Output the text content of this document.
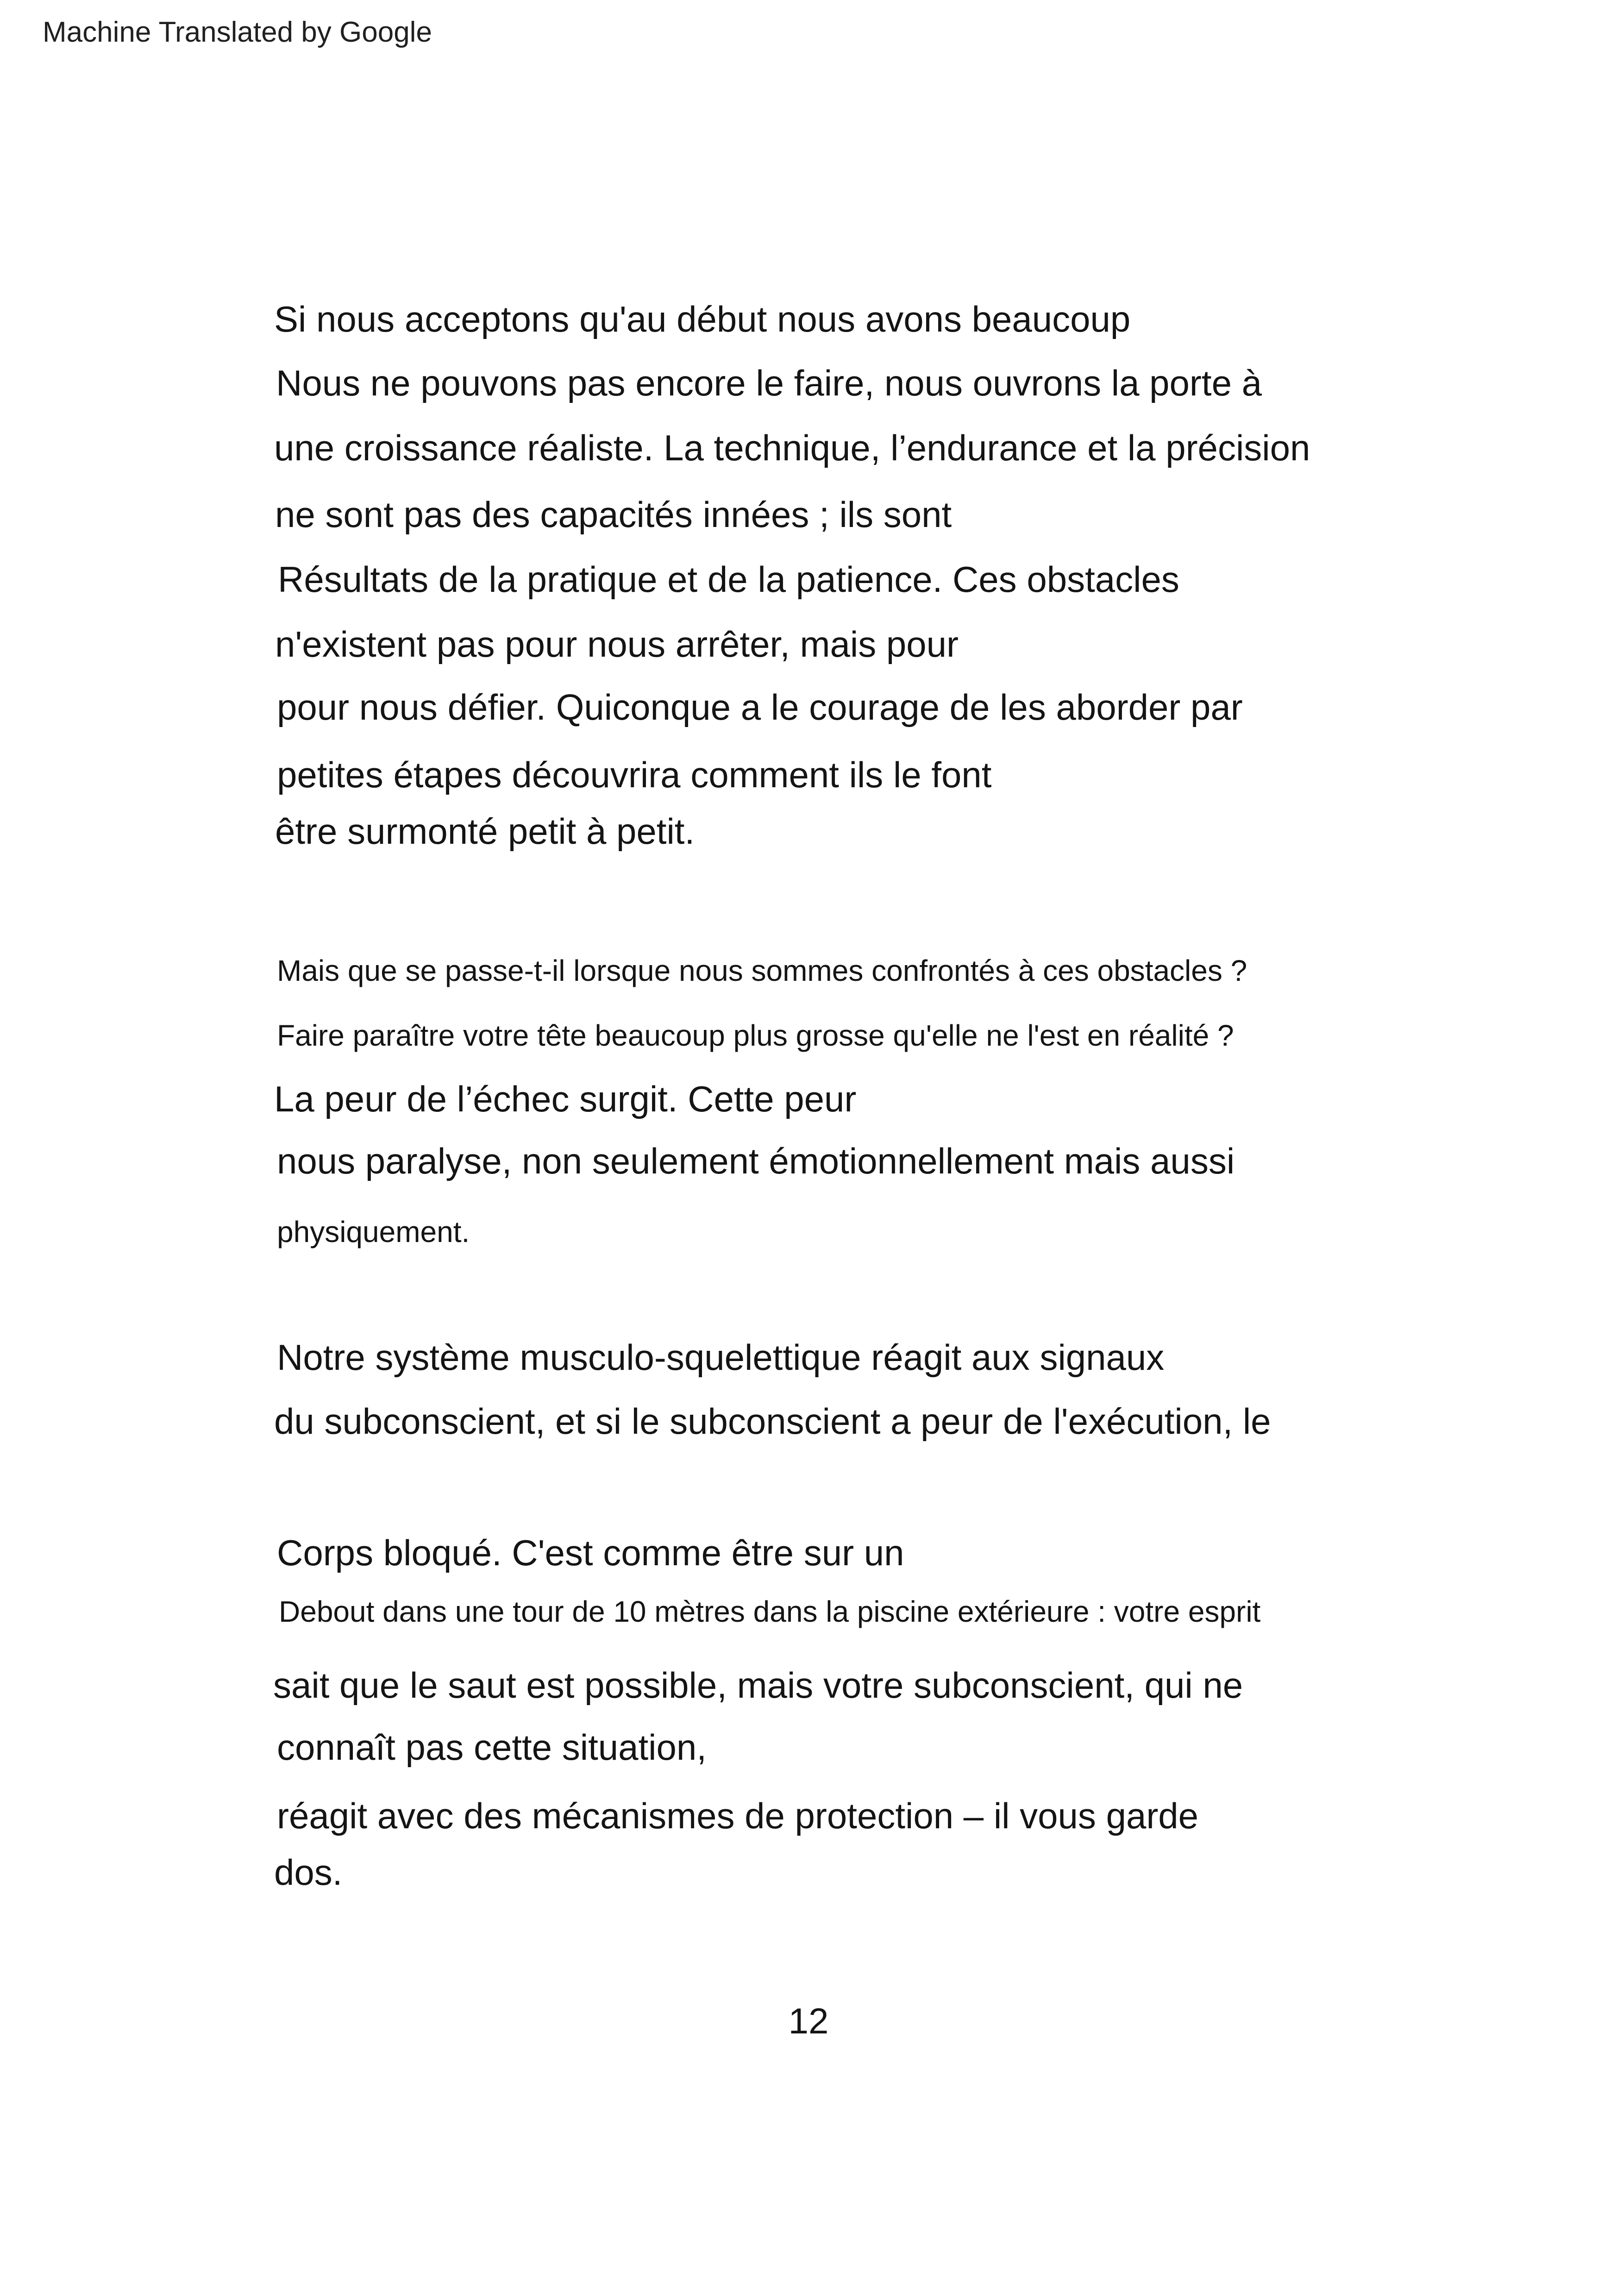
Machine Translated by Google
Si nous acceptons qu'au début nous avons beaucoup
Nous ne pouvons pas encore le faire, nous ouvrons la porte à
une croissance réaliste. La technique, l’endurance et la précision
ne sont pas des capacités innées ; ils sont
Résultats de la pratique et de la patience. Ces obstacles
n'existent pas pour nous arrêter, mais pour
pour nous défier. Quiconque a le courage de les aborder par
petites étapes découvrira comment ils le font
être surmonté petit à petit.
Mais que se passe-t-il lorsque nous sommes confrontés à ces obstacles ?
Faire paraître votre tête beaucoup plus grosse qu'elle ne l'est en réalité ?
La peur de l’échec surgit. Cette peur
nous paralyse, non seulement émotionnellement mais aussi
physiquement.
Notre système musculo-squelettique réagit aux signaux
du subconscient, et si le subconscient a peur de l'exécution, le
Corps bloqué. C'est comme être sur un
Debout dans une tour de 10 mètres dans la piscine extérieure : votre esprit
sait que le saut est possible, mais votre subconscient, qui ne
connaît pas cette situation,
réagit avec des mécanismes de protection – il vous garde
dos.
12
